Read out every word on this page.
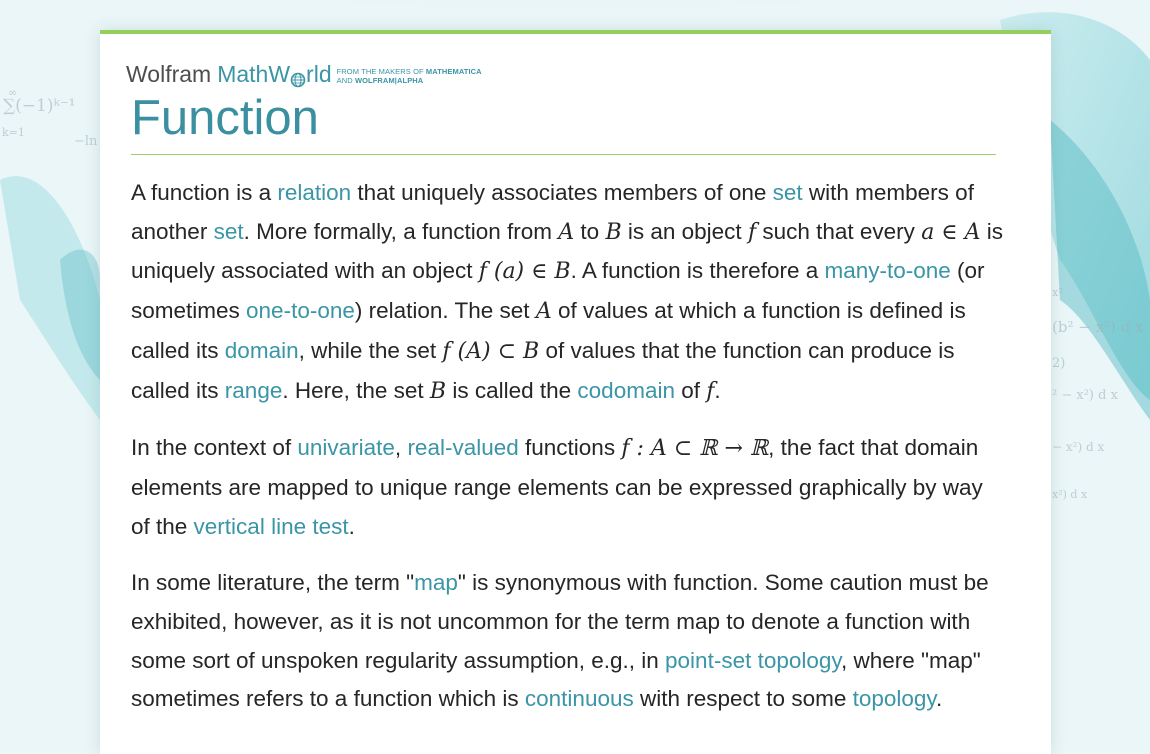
∞
∑(−1)ᵏ⁻¹
k=1
−ln
x²
(b² − x²) d x
2)
² − x²) d x
− x²) d x
x²) d x
Wolfram MathW rld FROM THE MAKERS OF MATHEMATICA
AND WOLFRAM|ALPHA
Function

A function is a relation that uniquely associates members of one set with members of another set. More formally, a function from A to B is an object f such that every a ∈ A is uniquely associated with an object f (a) ∈ B. A function is therefore a many-to-one (or sometimes one-to-one) relation. The set A of values at which a function is defined is called its domain, while the set f (A) ⊂ B of values that the function can produce is called its range. Here, the set B is called the codomain of f.

In the context of univariate, real-valued functions f : A ⊂ ℝ → ℝ, the fact that domain elements are mapped to unique range elements can be expressed graphically by way of the vertical line test.

In some literature, the term "map" is synonymous with function. Some caution must be exhibited, however, as it is not uncommon for the term map to denote a function with some sort of unspoken regularity assumption, e.g., in point-set topology, where "map" sometimes refers to a function which is continuous with respect to some topology.
